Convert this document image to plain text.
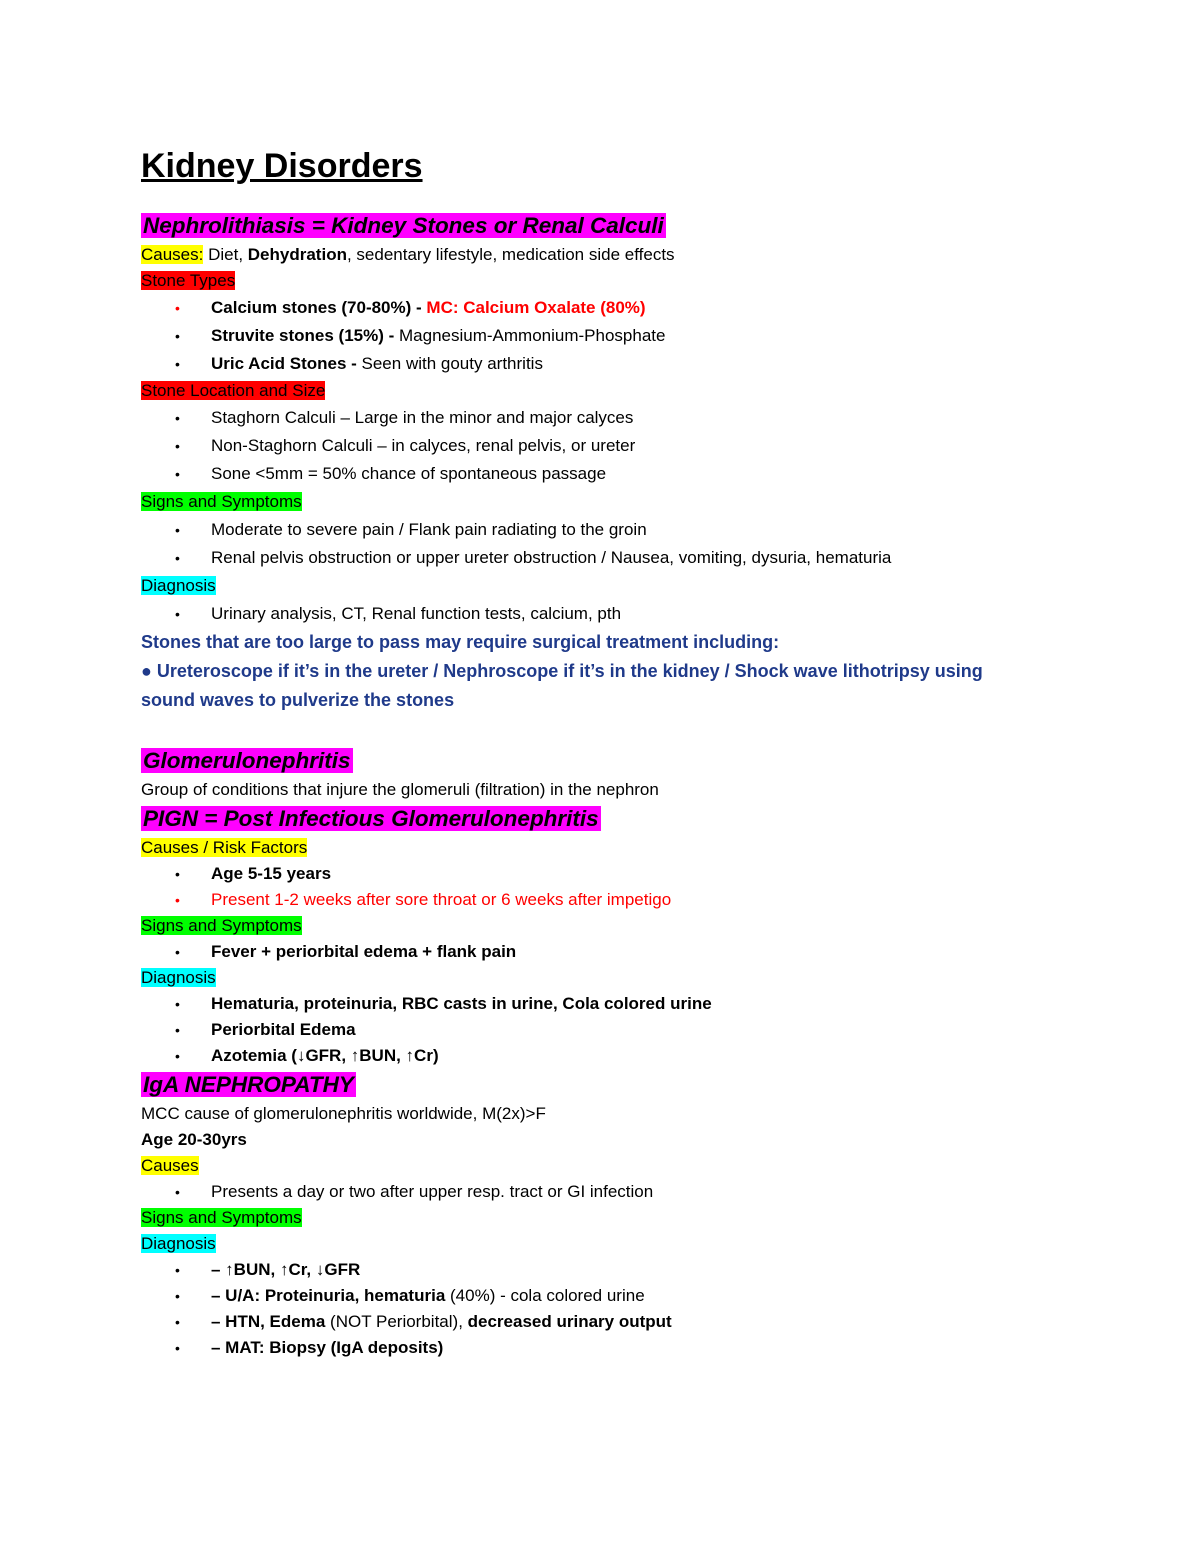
Kidney Disorders
Nephrolithiasis = Kidney Stones or Renal Calculi
Causes: Diet, Dehydration, sedentary lifestyle, medication side effects
Stone Types
• Calcium stones (70-80%) - MC: Calcium Oxalate (80%)
• Struvite stones (15%) - Magnesium-Ammonium-Phosphate
• Uric Acid Stones - Seen with gouty arthritis
Stone Location and Size
• Staghorn Calculi – Large in the minor and major calyces
• Non-Staghorn Calculi – in calyces, renal pelvis, or ureter
• Sone <5mm = 50% chance of spontaneous passage
Signs and Symptoms
• Moderate to severe pain / Flank pain radiating to the groin
• Renal pelvis obstruction or upper ureter obstruction / Nausea, vomiting, dysuria, hematuria
Diagnosis
• Urinary analysis, CT, Renal function tests, calcium, pth
Stones that are too large to pass may require surgical treatment including:
● Ureteroscope if it’s in the ureter / Nephroscope if it’s in the kidney / Shock wave lithotripsy using
sound waves to pulverize the stones
Glomerulonephritis
Group of conditions that injure the glomeruli (filtration) in the nephron
PIGN = Post Infectious Glomerulonephritis
Causes / Risk Factors
• Age 5-15 years
• Present 1-2 weeks after sore throat or 6 weeks after impetigo
Signs and Symptoms
• Fever + periorbital edema + flank pain
Diagnosis
• Hematuria, proteinuria, RBC casts in urine, Cola colored urine
• Periorbital Edema
• Azotemia (↓GFR, ↑BUN, ↑Cr)
IgA NEPHROPATHY
MCC cause of glomerulonephritis worldwide, M(2x)>F
Age 20-30yrs
Causes
• Presents a day or two after upper resp. tract or GI infection
Signs and Symptoms
Diagnosis
• – ↑BUN, ↑Cr, ↓GFR
• – U/A: Proteinuria, hematuria (40%) - cola colored urine
• – HTN, Edema (NOT Periorbital), decreased urinary output
• – MAT: Biopsy (IgA deposits)
